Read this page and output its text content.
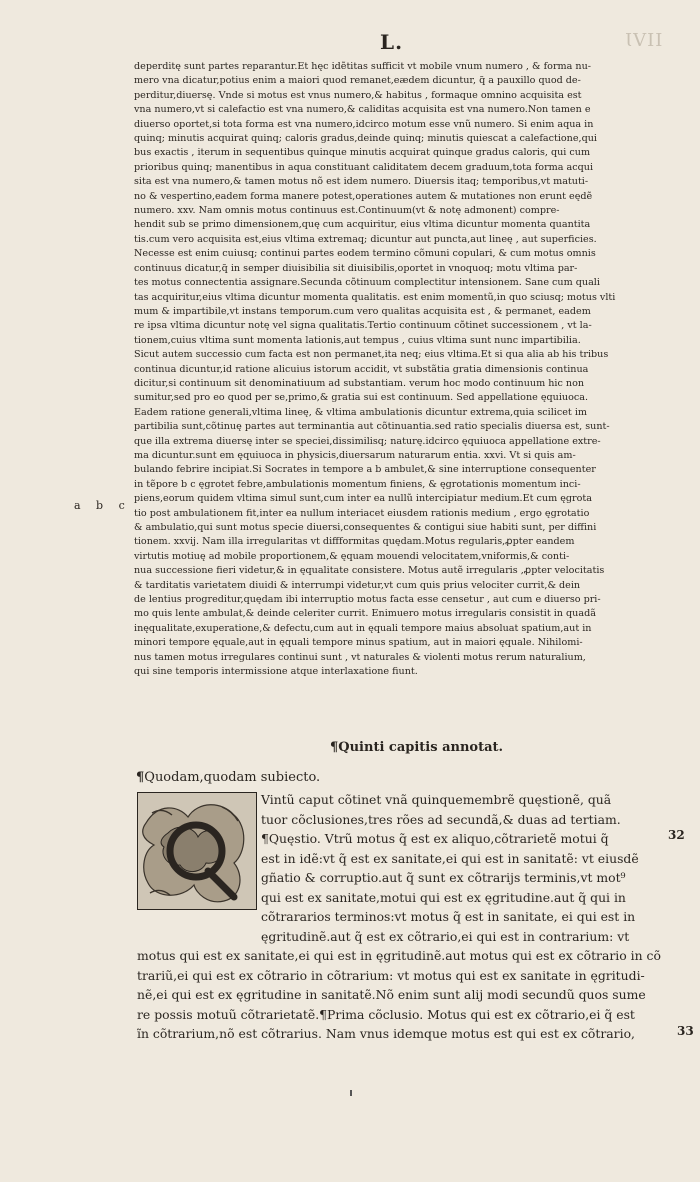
L.	ƖVII
deperditę sunt partes reparantur.Et hęc idẽtitas sufficit vt mobile vnum numero , & forma nu-
mero vna dicatur,potius enim a maiori quod remanet,eædem dicuntur, q̃ a pauxillo quod de-
perditur,diuersę. Vnde si motus est vnus numero,& habitus , formaque omnino acquisita est
vna numero,vt si calefactio est vna numero,& caliditas acquisita est vna numero.Non tamen e
diuerso oportet,si tota forma est vna numero,idcirco motum esse vnũ numero. Si enim aqua in
quinq; minutis acquirat quinq; caloris gradus,deinde quinq; minutis quiescat a calefactione,qui
bus exactis , iterum in sequentibus quinque minutis acquirat quinque gradus caloris, qui cum
prioribus quinq; manentibus in aqua constituant caliditatem decem graduum,tota forma acqui
sita est vna numero,& tamen motus nõ est idem numero. Diuersis itaq; temporibus,vt matuti-
no & vespertino,eadem forma manere potest,operationes autem & mutationes non erunt eędẽ
numero. xxv. Nam omnis motus continuus est.Continuum(vt & notę admonent) compre-
hendit sub se primo dimensionem,quę cum acquiritur, eius vltima dicuntur momenta quantita
tis.cum vero acquisita est,eius vltima extremaq; dicuntur aut puncta,aut lineę , aut superficies.
Necesse est enim cuiusq; continui partes eodem termino cõmuni copulari, & cum motus omnis
continuus dicatur,q̃ in semper diuisibilia sit diuisibilis,oportet in vnoquoq; motu vltima par-
tes motus connectentia assignare.Secunda cõtinuum complectitur intensionem. Sane cum quali
tas acquiritur,eius vltima dicuntur momenta qualitatis. est enim momentũ,in quo sciusq; motus vlti
mum & impartibile,vt instans temporum.cum vero qualitas acquisita est , & permanet, eadem
re ipsa vltima dicuntur notę vel signa qualitatis.Tertio continuum cõtinet successionem , vt la-
tionem,cuius vltima sunt momenta lationis,aut tempus , cuius vltima sunt nunc impartibilia.
Sicut autem successio cum facta est non permanet,ita neq; eius vltima.Et si qua alia ab his tribus
continua dicuntur,id ratione alicuius istorum accidit, vt substãtia gratia dimensionis continua
dicitur,si continuum sit denominatiuum ad substantiam. verum hoc modo continuum hic non
sumitur,sed pro eo quod per se,primo,& gratia sui est continuum. Sed appellatione ęquiuoca.
Eadem ratione generali,vltima lineę, & vltima ambulationis dicuntur extrema,quia scilicet im
partibilia sunt,cõtinuę partes aut terminantia aut cõtinuantia.sed ratio specialis diuersa est, sunt-
que illa extrema diuersę inter se speciei,dissimilisq; naturę.idcirco ęquiuoca appellatione extre-
ma dicuntur.sunt em ęquiuoca in physicis,diuersarum naturarum entia. xxvi. Vt si quis am-
bulando febrire incipiat.Si Socrates in tempore a b ambulet,& sine interruptione consequenter
in tẽpore b c ęgrotet febre,ambulationis momentum finiens, & ęgrotationis momentum inci-
piens,eorum quidem vltima simul sunt,cum inter ea nullũ intercipiatur medium.Et cum ęgrota
tio post ambulationem fit,inter ea nullum interiacet eiusdem rationis medium , ergo ęgrotatio
& ambulatio,qui sunt motus specie diuersi,consequentes & contigui siue habiti sunt, per diffini
tionem. xxvij. Nam illa irregularitas vt diffformitas quędam.Motus regularis,ꝓpter eandem
virtutis motiuę ad mobile proportionem,& ęquam mouendi velocitatem,vniformis,& conti-
nua successione fieri videtur,& in ęqualitate consistere. Motus autẽ irregularis ,ꝓpter velocitatis
& tarditatis varietatem diuidi & interrumpi videtur,vt cum quis prius velociter currit,& dein
de lentius progreditur,quędam ibi interruptio motus facta esse censetur , aut cum e diuerso pri-
mo quis lente ambulat,& deinde celeriter currit. Enimuero motus irregularis consistit in quadã
inęqualitate,exuperatione,& defectu,cum aut in ęquali tempore maius absoluat spatium,aut in
minori tempore ęquale,aut in ęquali tempore minus spatium, aut in maiori ęquale. Nihilomi-
nus tamen motus irregulares continui sunt , vt naturales & violenti motus rerum naturalium,
qui sine temporis intermissione atque interlaxatione fiunt.
a b c
¶Quinti capitis annotat.
¶Quodam,quodam subiecto.
Vintũ caput cõtinet vnã quinquemembrẽ quęstionẽ, quã
tuor cõclusiones,tres rões ad secundã,& duas ad tertiam.
¶Quęstio. Vtrũ motus q̃ est ex aliquo,cõtrarietẽ motui q̃
est in idẽ:vt q̃ est ex sanitate,ei qui est in sanitatẽ: vt eiusdẽ
gñatio & corruptio.aut q̃ sunt ex cõtrarijs terminis,vt mot⁹
qui est ex sanitate,motui qui est ex ęgritudine.aut q̃ qui in
cõtrararios terminos:vt motus q̃ est in sanitate, ei qui est in
ęgritudinẽ.aut q̃ est ex cõtrario,ei qui est in contrarium: vt
motus qui est ex sanitate,ei qui est in ęgritudinẽ.aut motus qui est ex cõtrario in cõ
trariũ,ei qui est ex cõtrario in cõtrarium: vt motus qui est ex sanitate in ęgritudi-
nẽ,ei qui est ex ęgritudine in sanitatẽ.Nõ enim sunt alij modi secundũ quos sume
re possis motuũ cõtrarietatẽ.¶Prima cõclusio. Motus qui est ex cõtrario,ei q̃ est
ĩn cõtrarium,nõ est cõtrarius. Nam vnus idemque motus est qui est ex cõtrario,
32
33
